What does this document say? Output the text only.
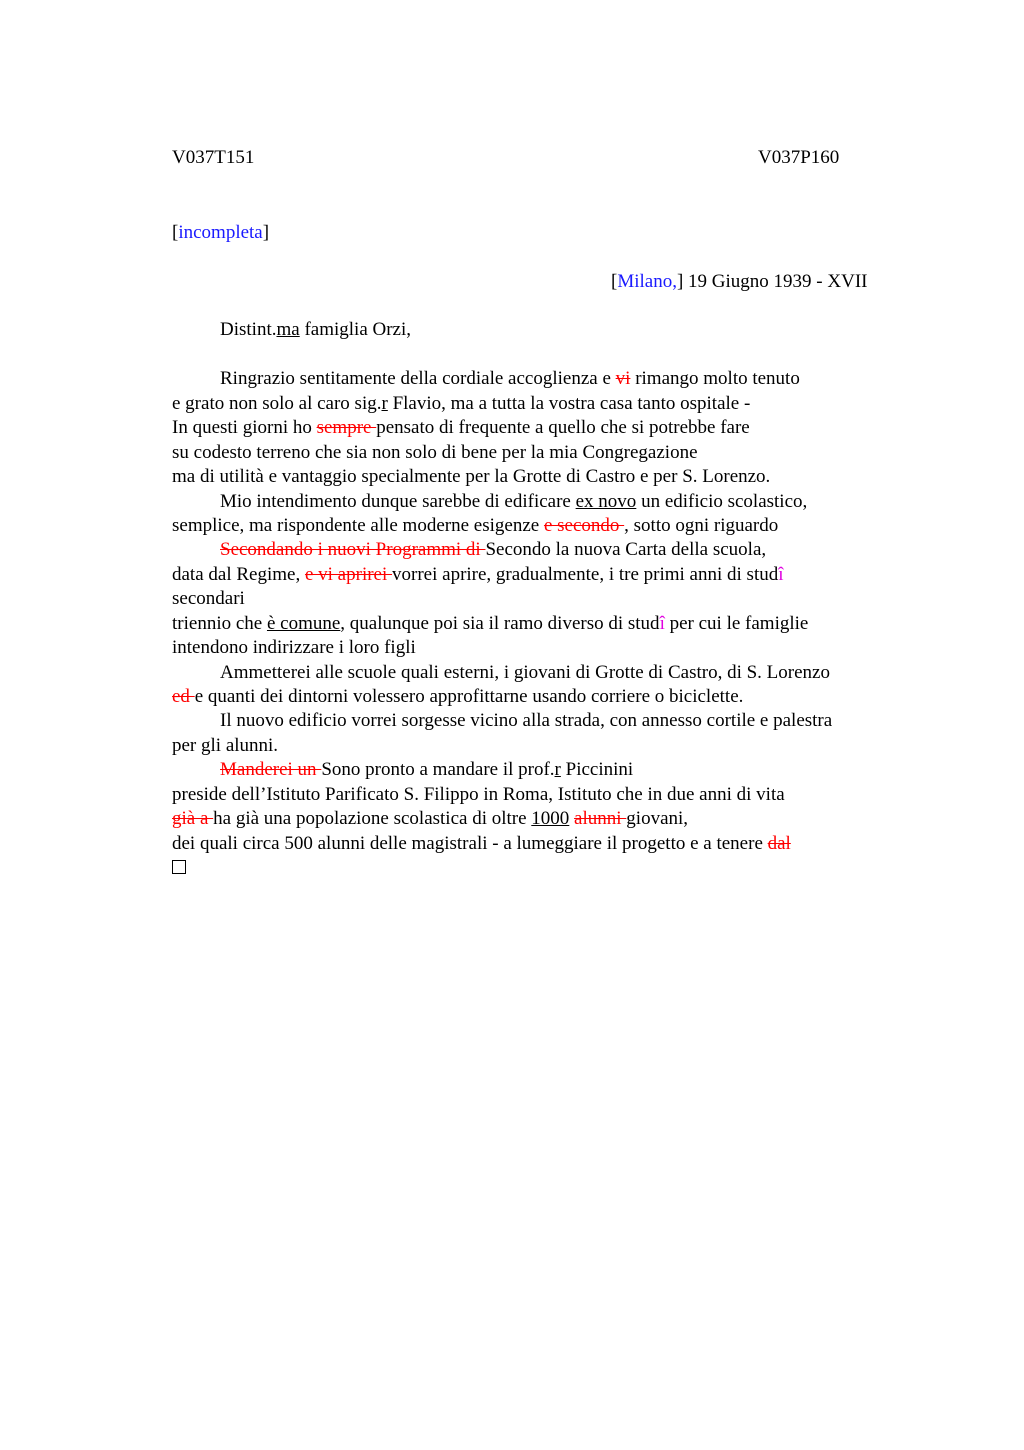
V037T151	V037P160
[incompleta]
[Milano,] 19 Giugno 1939 - XVII
Distint.ma famiglia Orzi,
Ringrazio sentitamente della cordiale accoglienza e vi rimango molto tenuto
e grato non solo al caro sig.r Flavio, ma a tutta la vostra casa tanto ospitale -
In questi giorni ho sempre pensato di frequente a quello che si potrebbe fare
su codesto terreno che sia non solo di bene per la mia Congregazione
ma di utilità e vantaggio specialmente per la Grotte di Castro e per S. Lorenzo.
Mio intendimento dunque sarebbe di edificare ex novo un edificio scolastico,
semplice, ma rispondente alle moderne esigenze e secondo , sotto ogni riguardo
Secondando i nuovi Programmi di Secondo la nuova Carta della scuola,
data dal Regime, e vi aprirei vorrei aprire, gradualmente, i tre primi anni di studî
secondari
triennio che è comune, qualunque poi sia il ramo diverso di studî per cui le famiglie
intendono indirizzare i loro figli
Ammetterei alle scuole quali esterni, i giovani di Grotte di Castro, di S. Lorenzo
ed e quanti dei dintorni volessero approfittarne usando corriere o biciclette.
Il nuovo edificio vorrei sorgesse vicino alla strada, con annesso cortile e palestra
per gli alunni.
Manderei un Sono pronto a mandare il prof.r Piccinini
preside dell’Istituto Parificato S. Filippo in Roma, Istituto che in due anni di vita
già a ha già una popolazione scolastica di oltre 1000 alunni giovani,
dei quali circa 500 alunni delle magistrali - a lumeggiare il progetto e a tenere dal
